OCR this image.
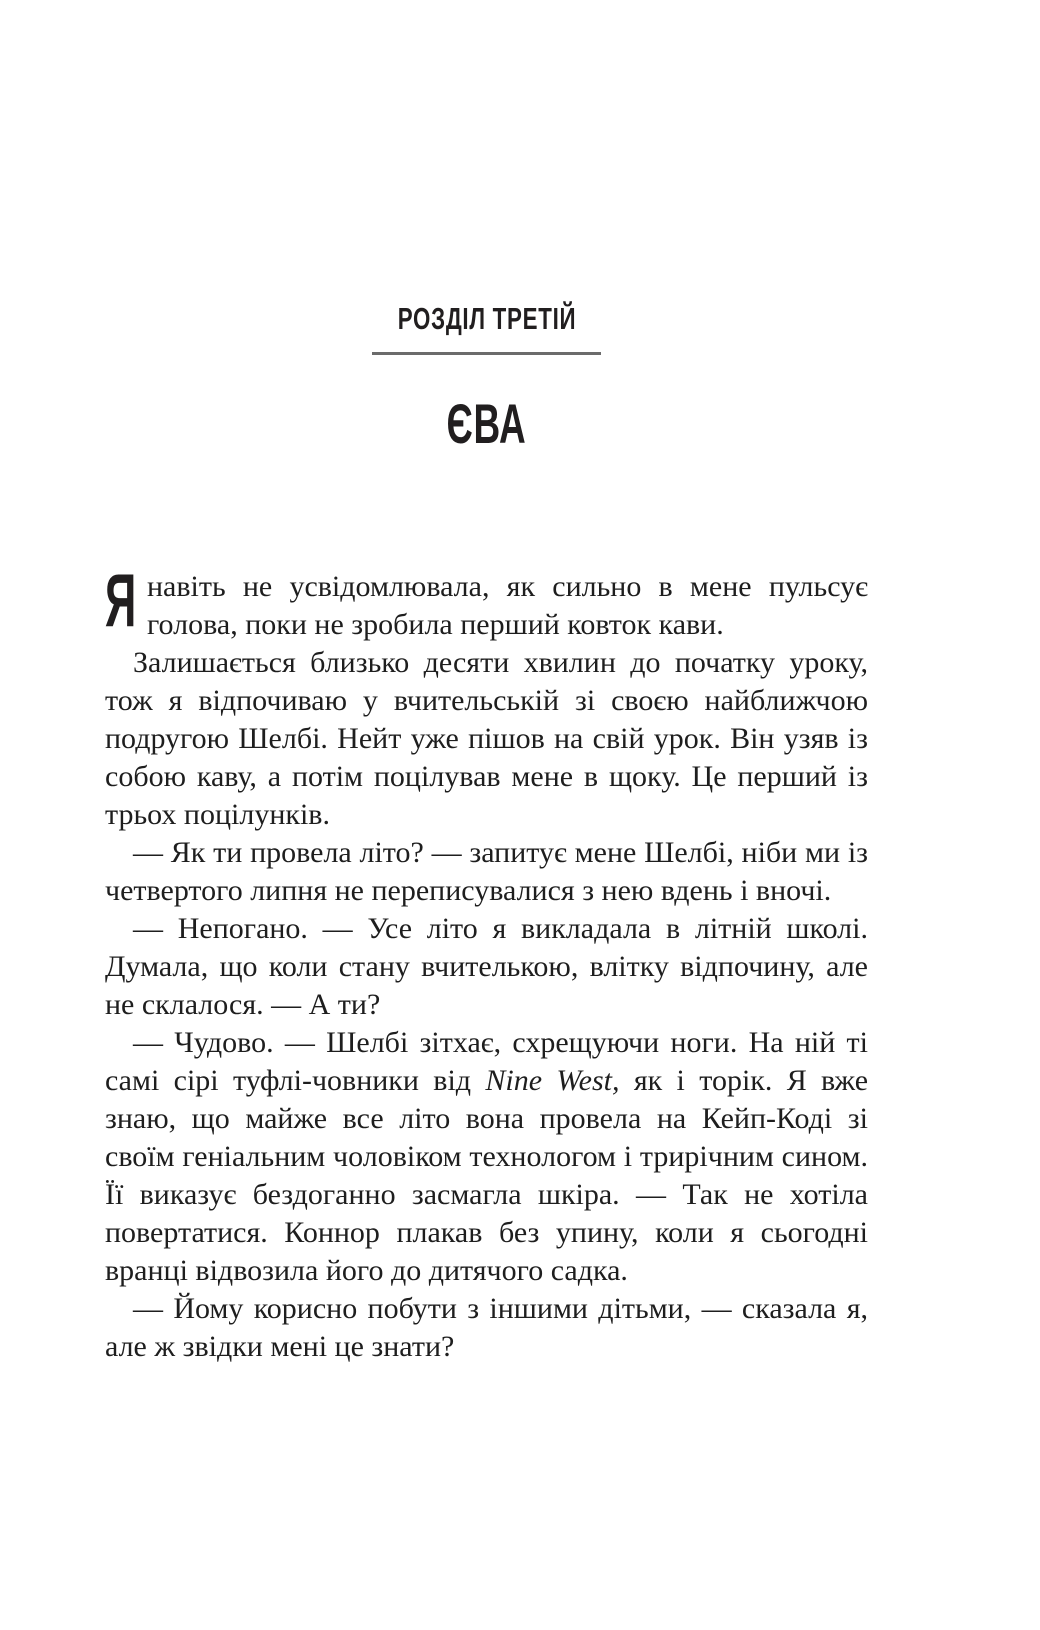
РОЗДІЛ ТРЕТІЙ
ЄВА

Я навіть не усвідомлювала, як сильно в мене пульсує голова, поки не зробила перший ковток кави.

Залишається близько десяти хвилин до початку уроку, тож я відпочиваю у вчительській зі своєю найближчою подругою Шелбі. Нейт уже пішов на свій урок. Він узяв із собою каву, а потім поцілував мене в щоку. Це перший із трьох поцілунків.

— Як ти провела літо? — запитує мене Шелбі, ніби ми із четвертого липня не переписувалися з нею вдень і вночі.

— Непогано. — Усе літо я викладала в літній школі. Думала, що коли стану вчителькою, влітку відпочину, але не склалося. — А ти?

— Чудово. — Шелбі зітхає, схрещуючи ноги. На ній ті самі сірі туфлі-човники від Nine West, як і торік. Я вже знаю, що майже все літо вона провела на Кейп-Коді зі своїм геніальним чоловіком технологом і трирічним сином. Її виказує бездоганно засмагла шкіра. — Так не хотіла повертатися. Коннор плакав без упину, коли я сьогодні вранці відвозила його до дитячого садка.

— Йому корисно побути з іншими дітьми, — сказала я, але ж звідки мені це знати?
